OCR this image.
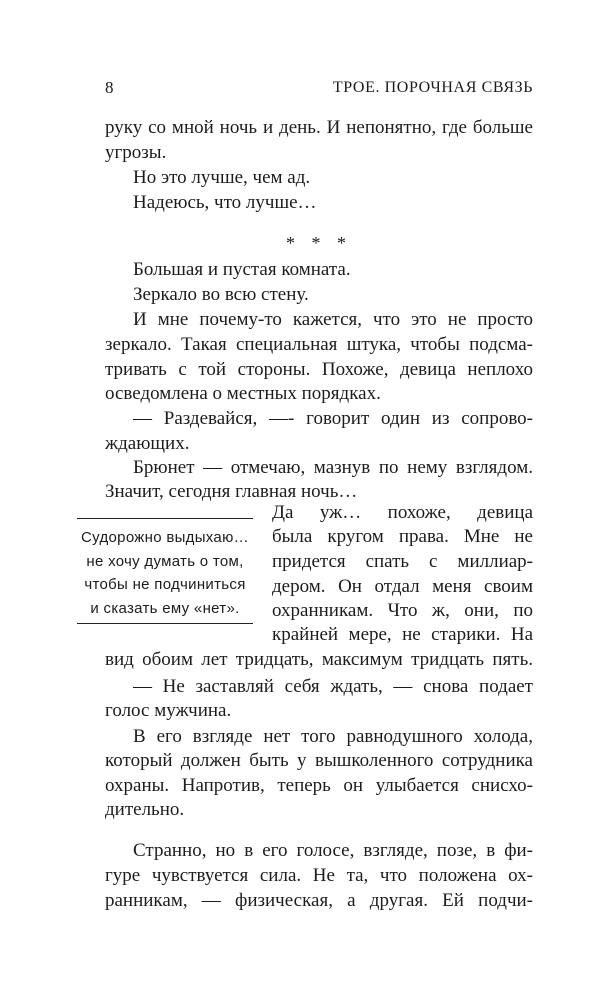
8	ТРОЕ. ПОРОЧНАЯ СВЯЗЬ
руку со мной ночь и день. И непонятно, где больше
угрозы.
Но это лучше, чем ад.
Надеюсь, что лучше…
* * *
Большая и пустая комната.
Зеркало во всю стену.
И мне почему-то кажется, что это не просто
зеркало. Такая специальная штука, чтобы подсма-
тривать с той стороны. Похоже, девица неплохо
осведомлена о местных порядках.
— Раздевайся, —- говорит один из сопрово-
ждающих.
Брюнет — отмечаю, мазнув по нему взглядом.
Значит, сегодня главная ночь…
Да уж… похоже, девица
была кругом права. Мне не
придется спать с миллиар-
дером. Он отдал меня своим
охранникам. Что ж, они, по
крайней мере, не старики. На
вид обоим лет тридцать, максимум тридцать пять.
— Не заставляй себя ждать, — снова подает
голос мужчина.
В его взгляде нет того равнодушного холода,
который должен быть у вышколенного сотрудника
охраны. Напротив, теперь он улыбается снисхо-
дительно.
Странно, но в его голосе, взгляде, позе, в фи-
гуре чувствуется сила. Не та, что положена ох-
ранникам, — физическая, а другая. Ей подчи-
Судорожно выдыхаю…
не хочу думать о том,
чтобы не подчиниться
и сказать ему «нет».
